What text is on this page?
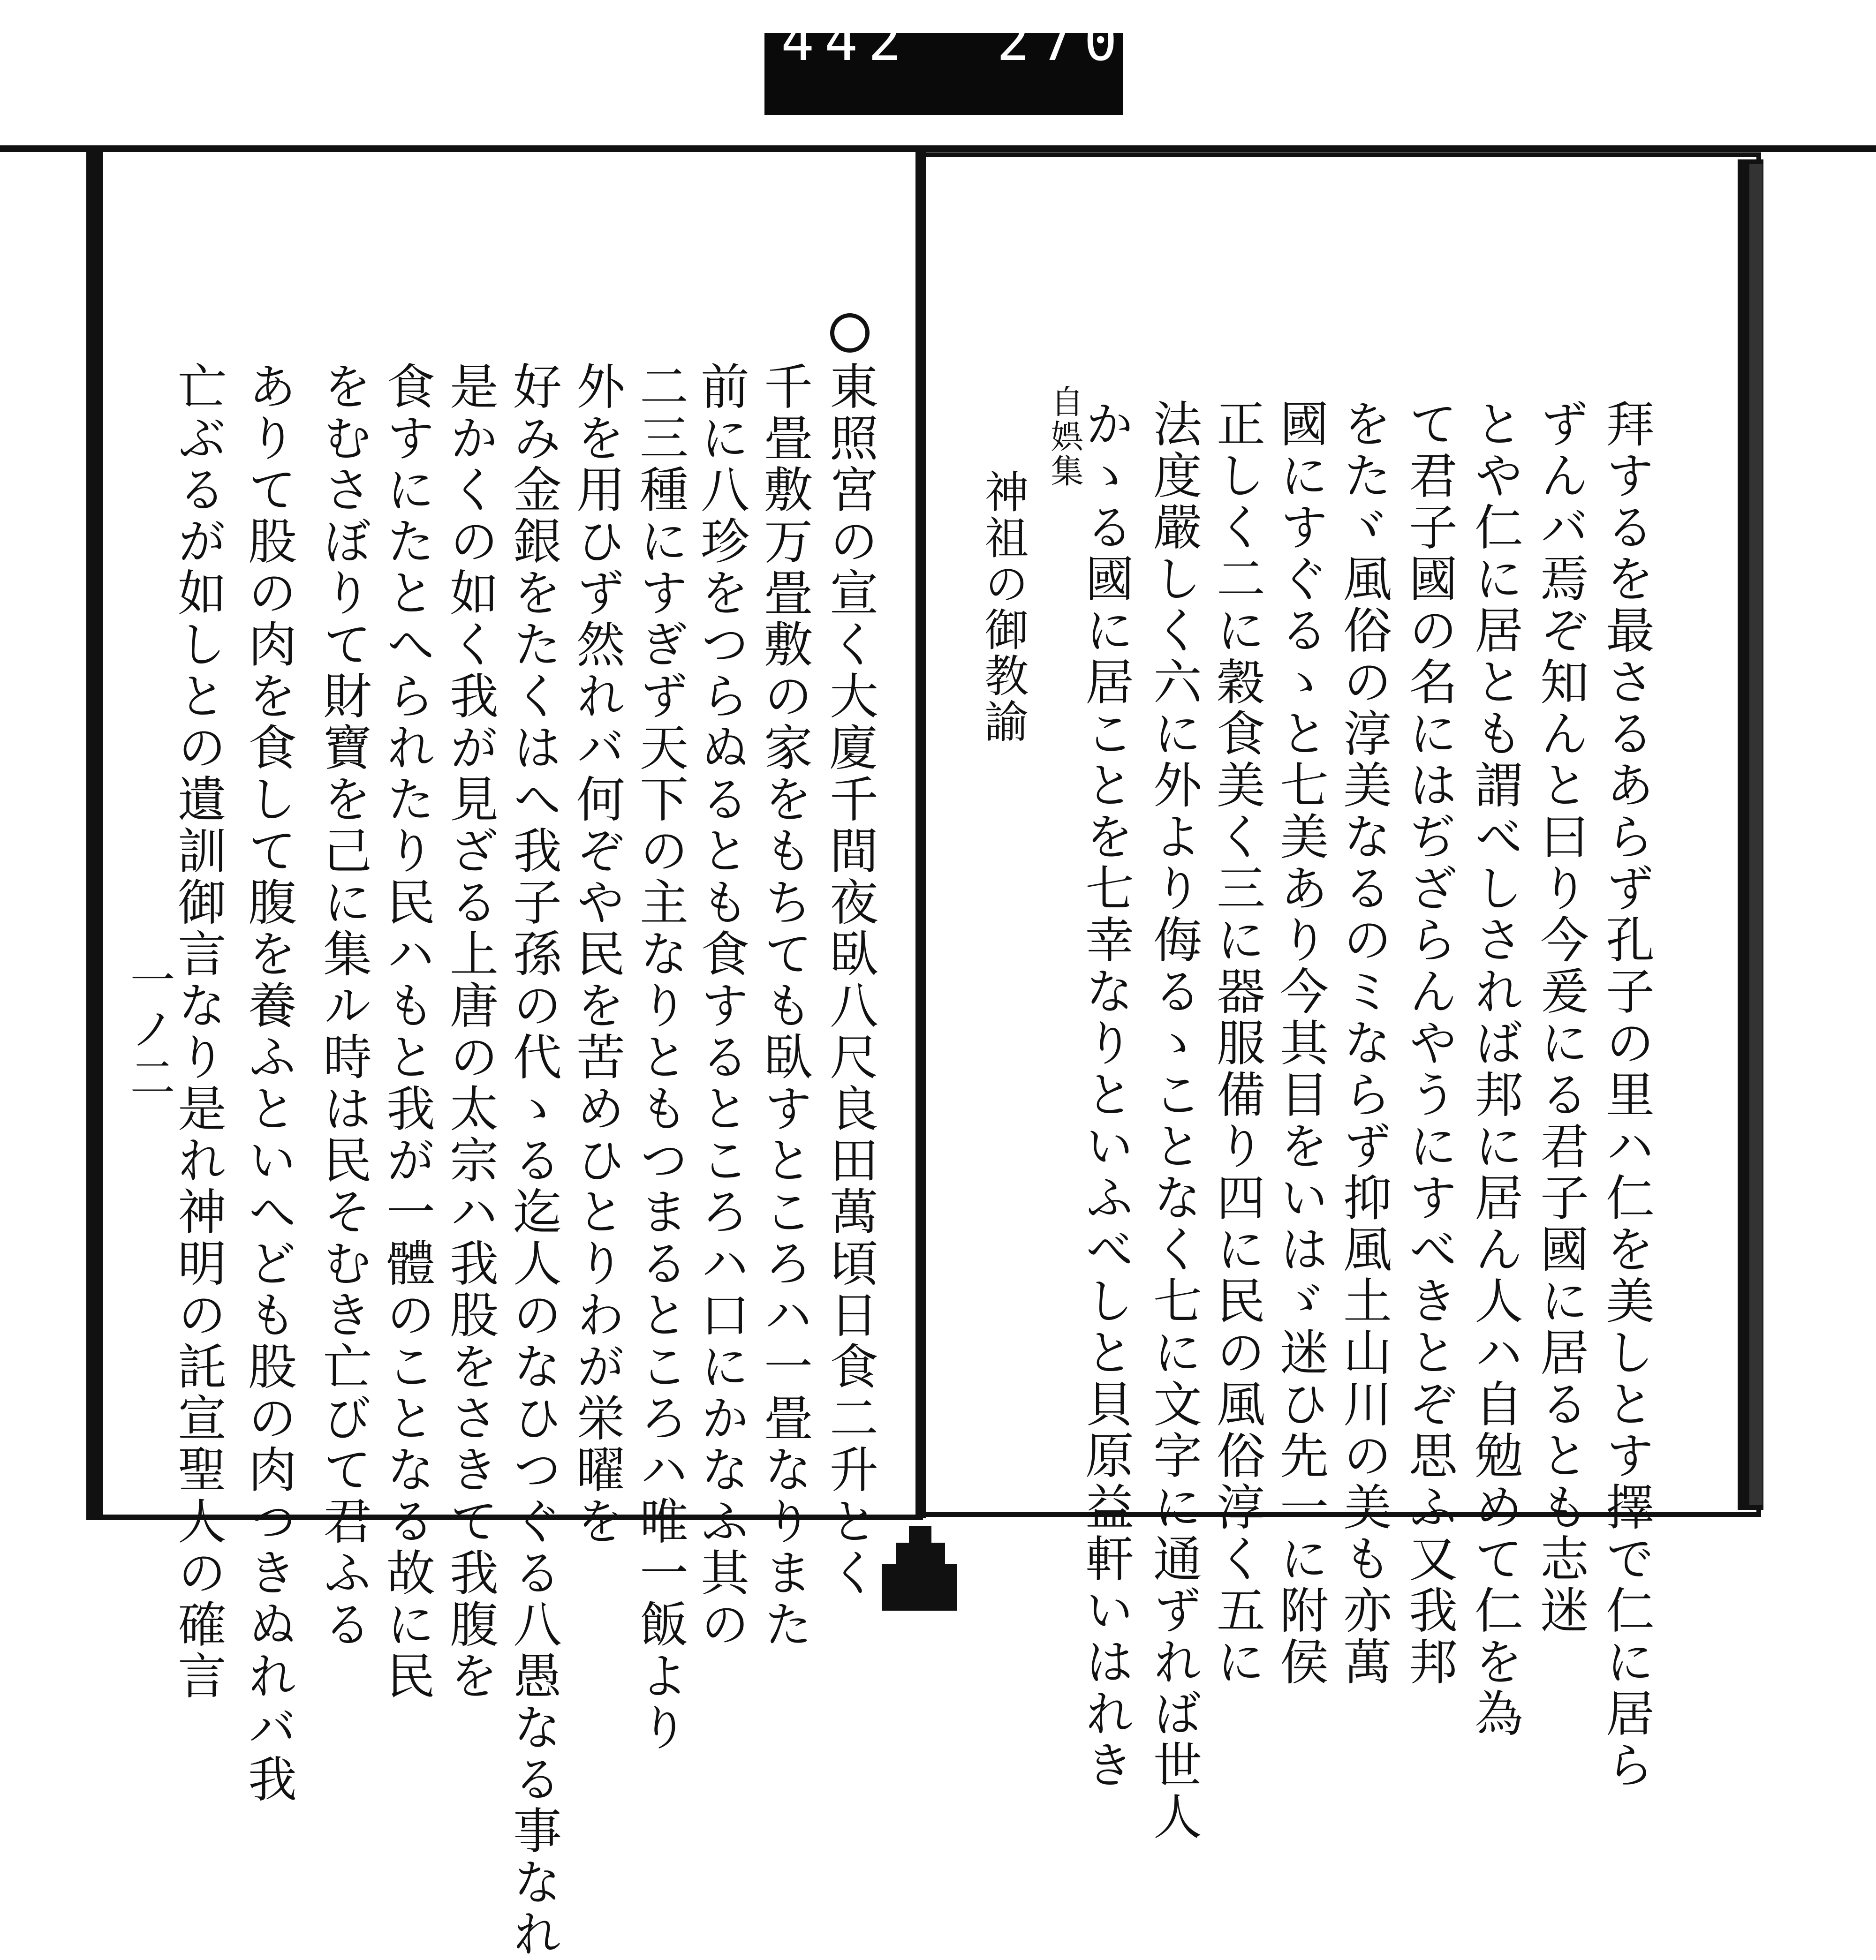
442 270.
拜するを最さるあらず孔子の里ハ仁を美しとす擇で仁に居ら
ずんバ焉ぞ知んと曰り今爰にる君子國に居るとも志迷
とや仁に居とも謂べしされば邦に居ん人ハ自勉めて仁を為
て君子國の名にはぢざらんやうにすべきとぞ思ふ又我邦
をたヾ風俗の淳美なるのミならず抑風土山川の美も亦萬
國にすぐるゝと七美あり今其目をいはゞ迷ひ先一に附侯
正しく二に穀食美く三に器服備り四に民の風俗淳く五に
法度嚴しく六に外より侮るゝことなく七に文字に通ずれば世人
かゝる國に居ことを七幸なりといふべしと貝原益軒いはれき
自娯集
神祖の御教諭
東照宮の宣く大廈千間夜臥八尺良田萬頃日食二升とく
千畳敷万畳敷の家をもちても臥すところハ一畳なりまた
前に八珍をつらぬるとも食するところハ口にかなふ其の
二三種にすぎず天下の主なりともつまるところハ唯一飯より
外を用ひず然れバ何ぞや民を苦めひとりわが栄曜を
好み金銀をたくはへ我子孫の代ゝる迄人のなひつぐる八愚なる事なれ
是かくの如く我が見ざる上唐の太宗ハ我股をさきて我腹を
食すにたとへられたり民ハもと我が一體のことなる故に民
をむさぼりて財寶を己に集ル時は民そむき亡びて君ふる
ありて股の肉を食して腹を養ふといへども股の肉つきぬれバ我
亡ぶるが如しとの遺訓御言なり是れ神明の託宣聖人の確言
一ノ二
